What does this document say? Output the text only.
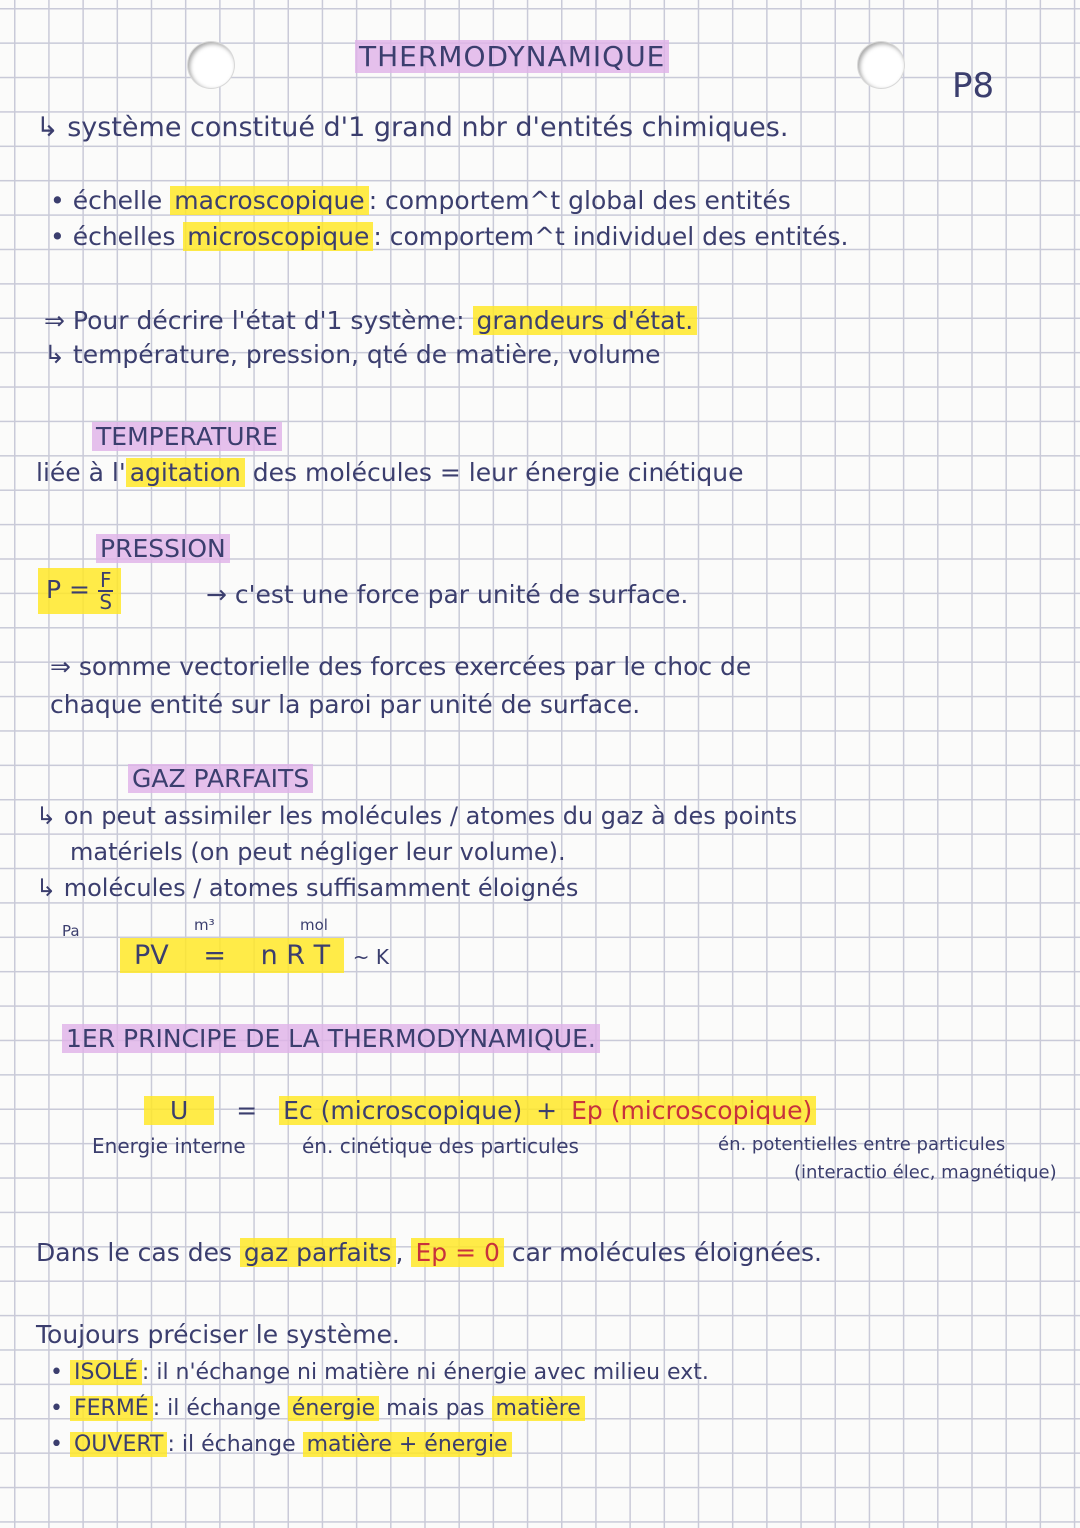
THERMODYNAMIQUE
P8
↳ système constitué d'1 grand nbr d'entités chimiques.
• échelle macroscopique : comportem^t global des entités
• échelles microscopique : comportem^t individuel des entités.
⇒ Pour décrire l'état d'1 système: grandeurs d'état.
↳ température, pression, qté de matière, volume
TEMPERATURE
liée à l' agitation des molécules = leur énergie cinétique
PRESSION
$P = \frac{F}{S}$	→ c'est une force par unité de surface.
⇒ somme vectorielle des forces exercées par le choc de
chaque entité sur la paroi par unité de surface.
GAZ PARFAITS
↳ on peut assimiler les molécules / atomes du gaz à des points
matériels (on peut négliger leur volume).
↳ molécules / atomes suffisamment éloignés
Pa	m³	mol
PV = n R T ~ K
1ER PRINCIPE DE LA THERMODYNAMIQUE.
U = Ec (microscopique) + Ep (microscopique)
Energie interne	én. cinétique des particules	én. potentielles entre particules
(interactio élec, magnétique)
Dans le cas des gaz parfaits , Ep = 0 car molécules éloignées.
Toujours préciser le système.
• ISOLÉ : il n'échange ni matière ni énergie avec milieu ext.
• FERMÉ : il échange énergie mais pas matière
• OUVERT : il échange matière + énergie
